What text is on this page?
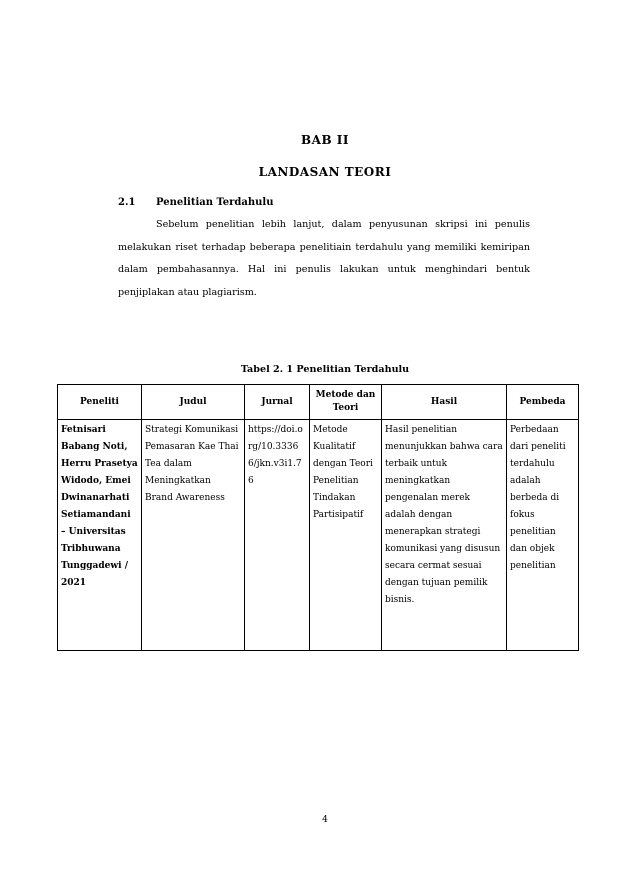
BAB II
LANDASAN TEORI
2.1 Penelitian Terdahulu

Sebelum penelitian lebih lanjut, dalam penyusunan skripsi ini penulis melakukan riset terhadap beberapa penelitiain terdahulu yang memiliki kemiripan dalam pembahasannya. Hal ini penulis lakukan untuk menghindari bentuk penjiplakan atau plagiarism.

Tabel 2. 1 Penelitian Terdahulu
Peneliti	Judul	Jurnal	Metode dan Teori	Hasil	Pembeda
Fetnisari Babang Noti, Herru Prasetya Widodo, Emei Dwinanarhati Setiamandani – Universitas Tribhuwana Tunggadewi / 2021	Strategi Komunikasi Pemasaran Kae Thai Tea dalam Meningkatkan Brand Awareness	https://doi.org/10.33366/jkn.v3i1.76	Metode Kualitatif dengan Teori Penelitian Tindakan Partisipatif	Hasil penelitian menunjukkan bahwa cara terbaik untuk meningkatkan pengenalan merek adalah dengan menerapkan strategi komunikasi yang disusun secara cermat sesuai dengan tujuan pemilik bisnis.	Perbedaan dari peneliti terdahulu adalah berbeda di fokus penelitian dan objek penelitian
4
